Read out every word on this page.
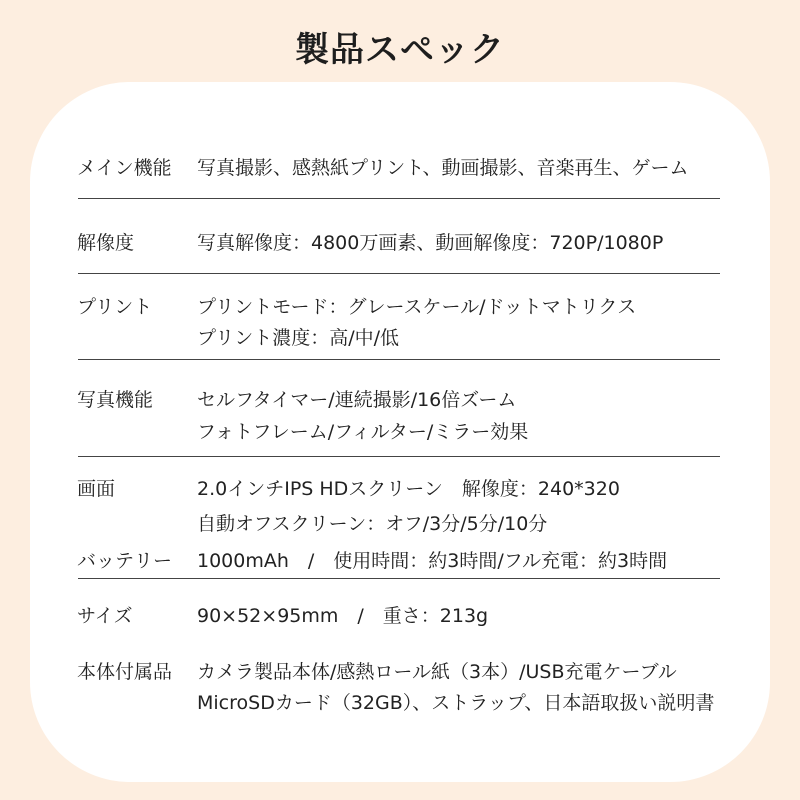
製品スペック
メイン機能 写真撮影、感熱紙プリント、動画撮影、音楽再生、ゲーム
解像度	写真解像度：4800万画素、動画解像度：720P/1080P
プリント プリントモード：グレースケール/ドットマトリクス
プリント濃度：高/中/低
写真機能 セルフタイマー/連続撮影/16倍ズーム
フォトフレーム/フィルター/ミラー効果
画面	2.0インチIPS HDスクリーン　解像度：240*320
自動オフスクリーン：オフ/3分/5分/10分
バッテリー 1000mAh　/　使用時間：約3時間/フル充電：約3時間
サイズ	90×52×95mm　/　重さ：213g
本体付属品 カメラ製品本体/感熱ロール紙（3本）/USB充電ケーブル
MicroSDカード（32GB）、ストラップ、日本語取扱い説明書
